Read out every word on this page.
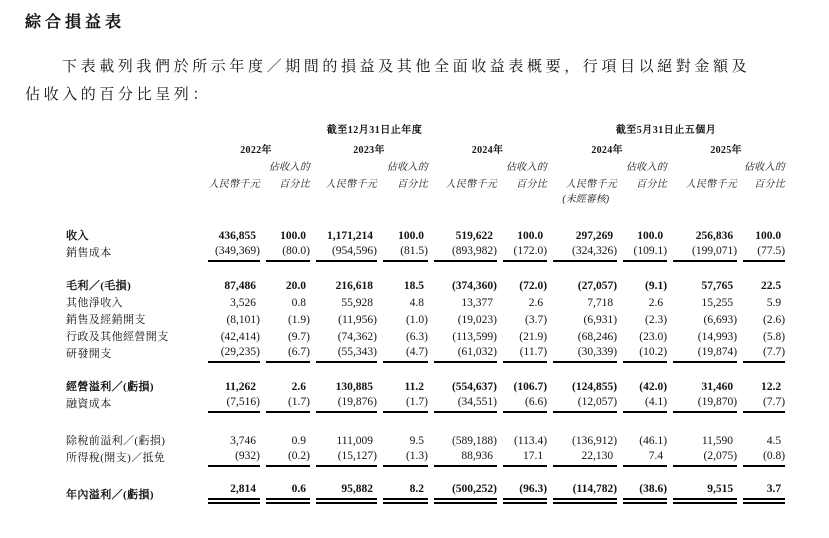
綜合損益表

下表載列我們於所示年度／期間的損益及其他全面收益表概要，行項目以絕對金額及
佔收入的百分比呈列：

	截至12月31日止年度						截至5月31日止五個月			
	2022年		2023年		2024年		2024年		2025年	
		佔收入的		佔收入的		佔收入的		佔收入的		佔收入的
	人民幣千元	百分比	人民幣千元	百分比	人民幣千元	百分比	人民幣千元	百分比	人民幣千元	百分比
							(未經審核)			

收入	436,855	100.0	1,171,214	100.0	519,622	100.0	297,269	100.0	256,836	100.0

銷售成本	(349,369)	(80.0)	(954,596)	(81.5)	(893,982)	(172.0)	(324,326)	(109.1)	(199,071)	(77.5)

毛利／(毛損)	87,486	20.0	216,618	18.5	(374,360)	(72.0)	(27,057)	(9.1)	57,765	22.5

其他淨收入	3,526	0.8	55,928	4.8	13,377	2.6	7,718	2.6	15,255	5.9

銷售及經銷開支	(8,101)	(1.9)	(11,956)	(1.0)	(19,023)	(3.7)	(6,931)	(2.3)	(6,693)	(2.6)

行政及其他經營開支	(42,414)	(9.7)	(74,362)	(6.3)	(113,599)	(21.9)	(68,246)	(23.0)	(14,993)	(5.8)

研發開支	(29,235)	(6.7)	(55,343)	(4.7)	(61,032)	(11.7)	(30,339)	(10.2)	(19,874)	(7.7)

經營溢利／(虧損)	11,262	2.6	130,885	11.2	(554,637)	(106.7)	(124,855)	(42.0)	31,460	12.2

融資成本	(7,516)	(1.7)	(19,876)	(1.7)	(34,551)	(6.6)	(12,057)	(4.1)	(19,870)	(7.7)

除稅前溢利／(虧損)	3,746	0.9	111,009	9.5	(589,188)	(113.4)	(136,912)	(46.1)	11,590	4.5

所得稅(開支)／抵免	(932)	(0.2)	(15,127)	(1.3)	88,936	17.1	22,130	7.4	(2,075)	(0.8)

年內溢利／(虧損)	2,814	0.6	95,882	8.2	(500,252)	(96.3)	(114,782)	(38.6)	9,515	3.7
